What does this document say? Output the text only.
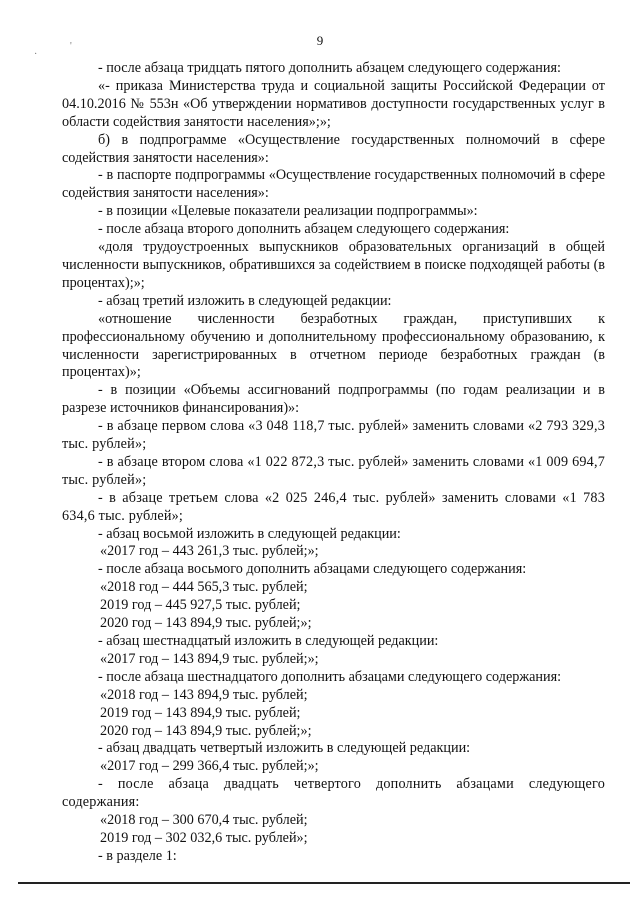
9
'
·

- после абзаца тридцать пятого дополнить абзацем следующего содержания:

«- приказа Министерства труда и социальной защиты Российской Федерации от 04.10.2016 № 553н «Об утверждении нормативов доступности государственных услуг в области содействия занятости населения»;»;

б) в подпрограмме «Осуществление государственных полномочий в сфере содействия занятости населения»:

- в паспорте подпрограммы «Осуществление государственных полномочий в сфере содействия занятости населения»:

- в позиции «Целевые показатели реализации подпрограммы»:

- после абзаца второго дополнить абзацем следующего содержания:

«доля трудоустроенных выпускников образовательных организаций в общей численности выпускников, обратившихся за содействием в поиске подходящей работы (в процентах);»;

- абзац третий изложить в следующей редакции:

«отношение численности безработных граждан, приступивших к профессиональному обучению и дополнительному профессиональному образованию, к численности зарегистрированных в отчетном периоде безработных граждан (в процентах)»;

- в позиции «Объемы ассигнований подпрограммы (по годам реализации и в разрезе источников финансирования)»:

- в абзаце первом слова «3 048 118,7 тыс. рублей» заменить словами «2 793 329,3 тыс. рублей»;

- в абзаце втором слова «1 022 872,3 тыс. рублей» заменить словами «1 009 694,7 тыс. рублей»;

- в абзаце третьем слова «2 025 246,4 тыс. рублей» заменить словами «1 783 634,6 тыс. рублей»;

- абзац восьмой изложить в следующей редакции:

«2017 год – 443 261,3 тыс. рублей;»;

- после абзаца восьмого дополнить абзацами следующего содержания:

«2018 год – 444 565,3 тыс. рублей;

2019 год – 445 927,5 тыс. рублей;

2020 год – 143 894,9 тыс. рублей;»;

- абзац шестнадцатый изложить в следующей редакции:

«2017 год – 143 894,9 тыс. рублей;»;

- после абзаца шестнадцатого дополнить абзацами следующего содержания:

«2018 год – 143 894,9 тыс. рублей;

2019 год – 143 894,9 тыс. рублей;

2020 год – 143 894,9 тыс. рублей;»;

- абзац двадцать четвертый изложить в следующей редакции:

«2017 год – 299 366,4 тыс. рублей;»;

- после абзаца двадцать четвертого дополнить абзацами следующего содержания:

«2018 год – 300 670,4 тыс. рублей;

2019 год – 302 032,6 тыс. рублей»;

- в разделе 1:
